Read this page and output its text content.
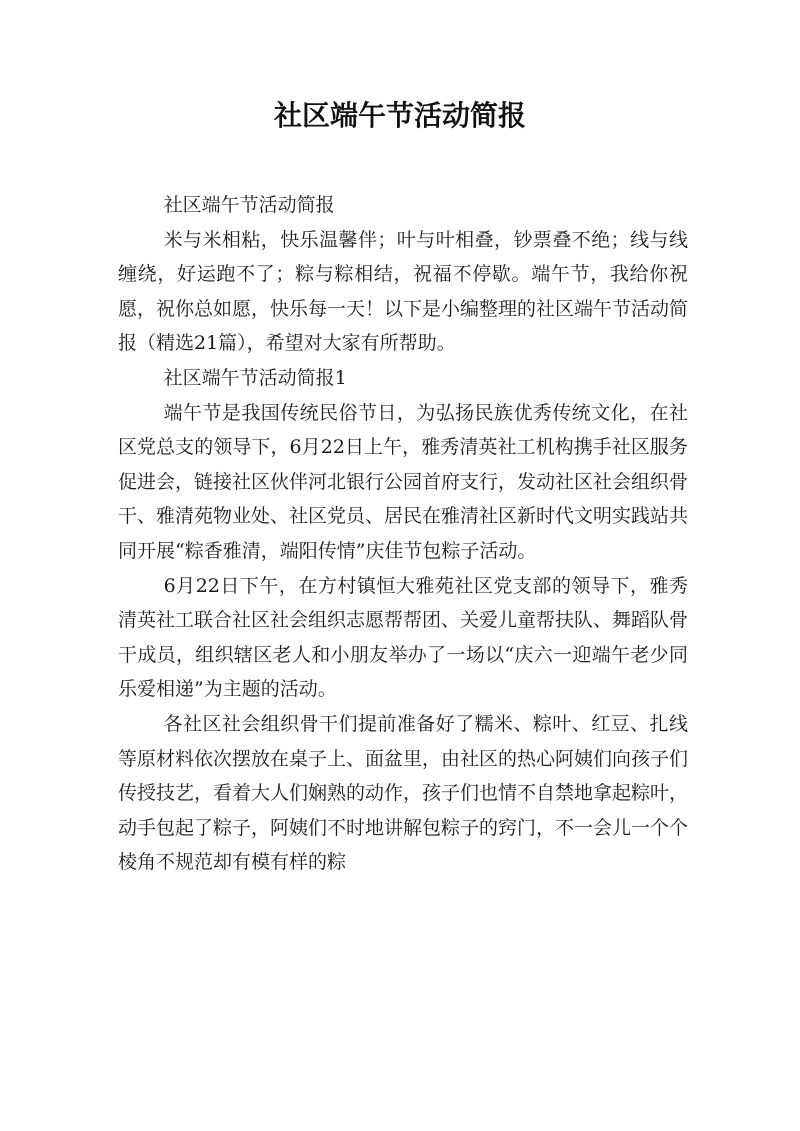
社区端午节活动简报

社区端午节活动简报

米与米相粘，快乐温馨伴；叶与叶相叠，钞票叠不绝；线与线缠绕，好运跑不了；粽与粽相结，祝福不停歇。端午节，我给你祝愿，祝你总如愿，快乐每一天！以下是小编整理的社区端午节活动简报（精选21篇），希望对大家有所帮助。

社区端午节活动简报1

端午节是我国传统民俗节日，为弘扬民族优秀传统文化，在社区党总支的领导下，6月22日上午，雅秀清英社工机构携手社区服务促进会，链接社区伙伴河北银行公园首府支行，发动社区社会组织骨干、雅清苑物业处、社区党员、居民在雅清社区新时代文明实践站共同开展“粽香雅清，端阳传情”庆佳节包粽子活动。

6月22日下午，在方村镇恒大雅苑社区党支部的领导下，雅秀清英社工联合社区社会组织志愿帮帮团、关爱儿童帮扶队、舞蹈队骨干成员，组织辖区老人和小朋友举办了一场以“庆六一迎端午老少同乐爱相递”为主题的活动。

各社区社会组织骨干们提前准备好了糯米、粽叶、红豆、扎线等原材料依次摆放在桌子上、面盆里，由社区的热心阿姨们向孩子们传授技艺，看着大人们娴熟的动作，孩子们也情不自禁地拿起粽叶，动手包起了粽子，阿姨们不时地讲解包粽子的窍门，不一会儿一个个棱角不规范却有模有样的粽
